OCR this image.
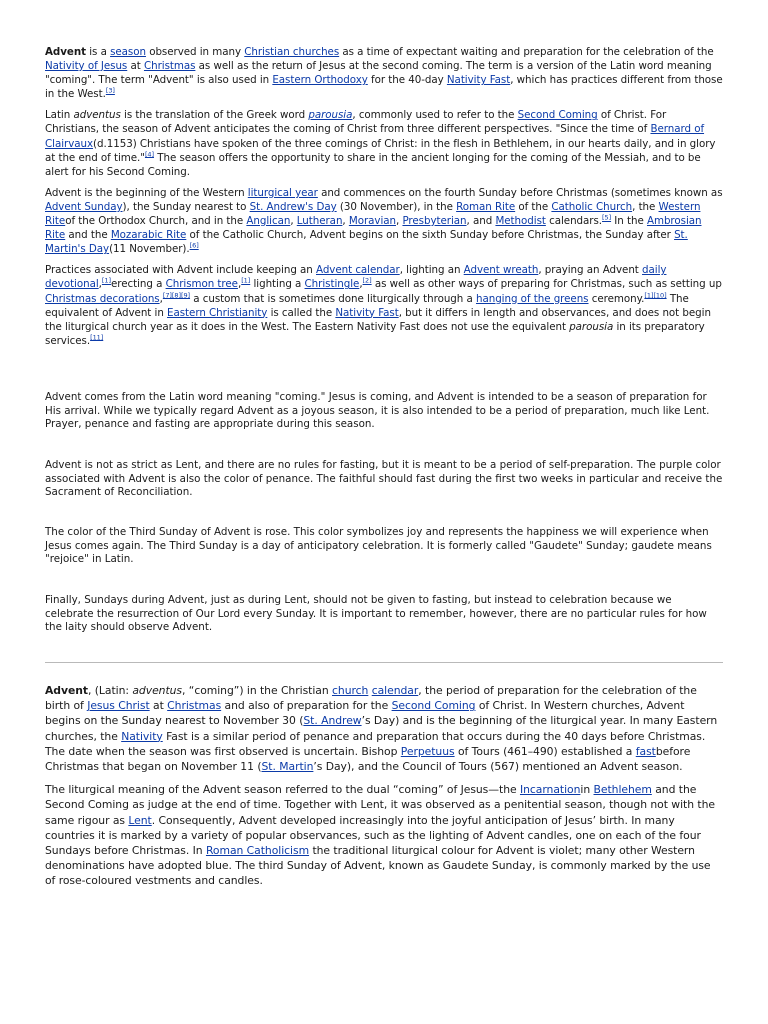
Advent is a season observed in many Christian churches as a time of expectant waiting and preparation for the celebration of the Nativity of Jesus at Christmas as well as the return of Jesus at the second coming. The term is a version of the Latin word meaning "coming". The term "Advent" is also used in Eastern Orthodoxy for the 40-day Nativity Fast, which has practices different from those in the West.[3]

Latin adventus is the translation of the Greek word parousia, commonly used to refer to the Second Coming of Christ. For Christians, the season of Advent anticipates the coming of Christ from three different perspectives. "Since the time of Bernard of Clairvaux(d.1153) Christians have spoken of the three comings of Christ: in the flesh in Bethlehem, in our hearts daily, and in glory at the end of time."[4] The season offers the opportunity to share in the ancient longing for the coming of the Messiah, and to be alert for his Second Coming.

Advent is the beginning of the Western liturgical year and commences on the fourth Sunday before Christmas (sometimes known as Advent Sunday), the Sunday nearest to St. Andrew's Day (30 November), in the Roman Rite of the Catholic Church, the Western Riteof the Orthodox Church, and in the Anglican, Lutheran, Moravian, Presbyterian, and Methodist calendars.[5] In the Ambrosian Rite and the Mozarabic Rite of the Catholic Church, Advent begins on the sixth Sunday before Christmas, the Sunday after St. Martin's Day(11 November).[6]

Practices associated with Advent include keeping an Advent calendar, lighting an Advent wreath, praying an Advent daily devotional,[1]erecting a Chrismon tree,[1] lighting a Christingle,[2] as well as other ways of preparing for Christmas, such as setting up Christmas decorations,[7][8][9] a custom that is sometimes done liturgically through a hanging of the greens ceremony.[1][10] The equivalent of Advent in Eastern Christianity is called the Nativity Fast, but it differs in length and observances, and does not begin the liturgical church year as it does in the West. The Eastern Nativity Fast does not use the equivalent parousia in its preparatory services.[11]

Advent comes from the Latin word meaning "coming." Jesus is coming, and Advent is intended to be a season of preparation for His arrival. While we typically regard Advent as a joyous season, it is also intended to be a period of preparation, much like Lent. Prayer, penance and fasting are appropriate during this season.

Advent is not as strict as Lent, and there are no rules for fasting, but it is meant to be a period of self-preparation. The purple color associated with Advent is also the color of penance. The faithful should fast during the first two weeks in particular and receive the Sacrament of Reconciliation.

The color of the Third Sunday of Advent is rose. This color symbolizes joy and represents the happiness we will experience when Jesus comes again. The Third Sunday is a day of anticipatory celebration. It is formerly called "Gaudete" Sunday; gaudete means "rejoice" in Latin.

Finally, Sundays during Advent, just as during Lent, should not be given to fasting, but instead to celebration because we celebrate the resurrection of Our Lord every Sunday. It is important to remember, however, there are no particular rules for how the laity should observe Advent.

Advent, (Latin: adventus, “coming”) in the Christian church calendar, the period of preparation for the celebration of the birth of Jesus Christ at Christmas and also of preparation for the Second Coming of Christ. In Western churches, Advent begins on the Sunday nearest to November 30 (St. Andrew’s Day) and is the beginning of the liturgical year. In many Eastern churches, the Nativity Fast is a similar period of penance and preparation that occurs during the 40 days before Christmas. The date when the season was first observed is uncertain. Bishop Perpetuus of Tours (461–490) established a fastbefore Christmas that began on November 11 (St. Martin’s Day), and the Council of Tours (567) mentioned an Advent season.

The liturgical meaning of the Advent season referred to the dual “coming” of Jesus—the Incarnationin Bethlehem and the Second Coming as judge at the end of time. Together with Lent, it was observed as a penitential season, though not with the same rigour as Lent. Consequently, Advent developed increasingly into the joyful anticipation of Jesus’ birth. In many countries it is marked by a variety of popular observances, such as the lighting of Advent candles, one on each of the four Sundays before Christmas. In Roman Catholicism the traditional liturgical colour for Advent is violet; many other Western denominations have adopted blue. The third Sunday of Advent, known as Gaudete Sunday, is commonly marked by the use of rose-coloured vestments and candles.
